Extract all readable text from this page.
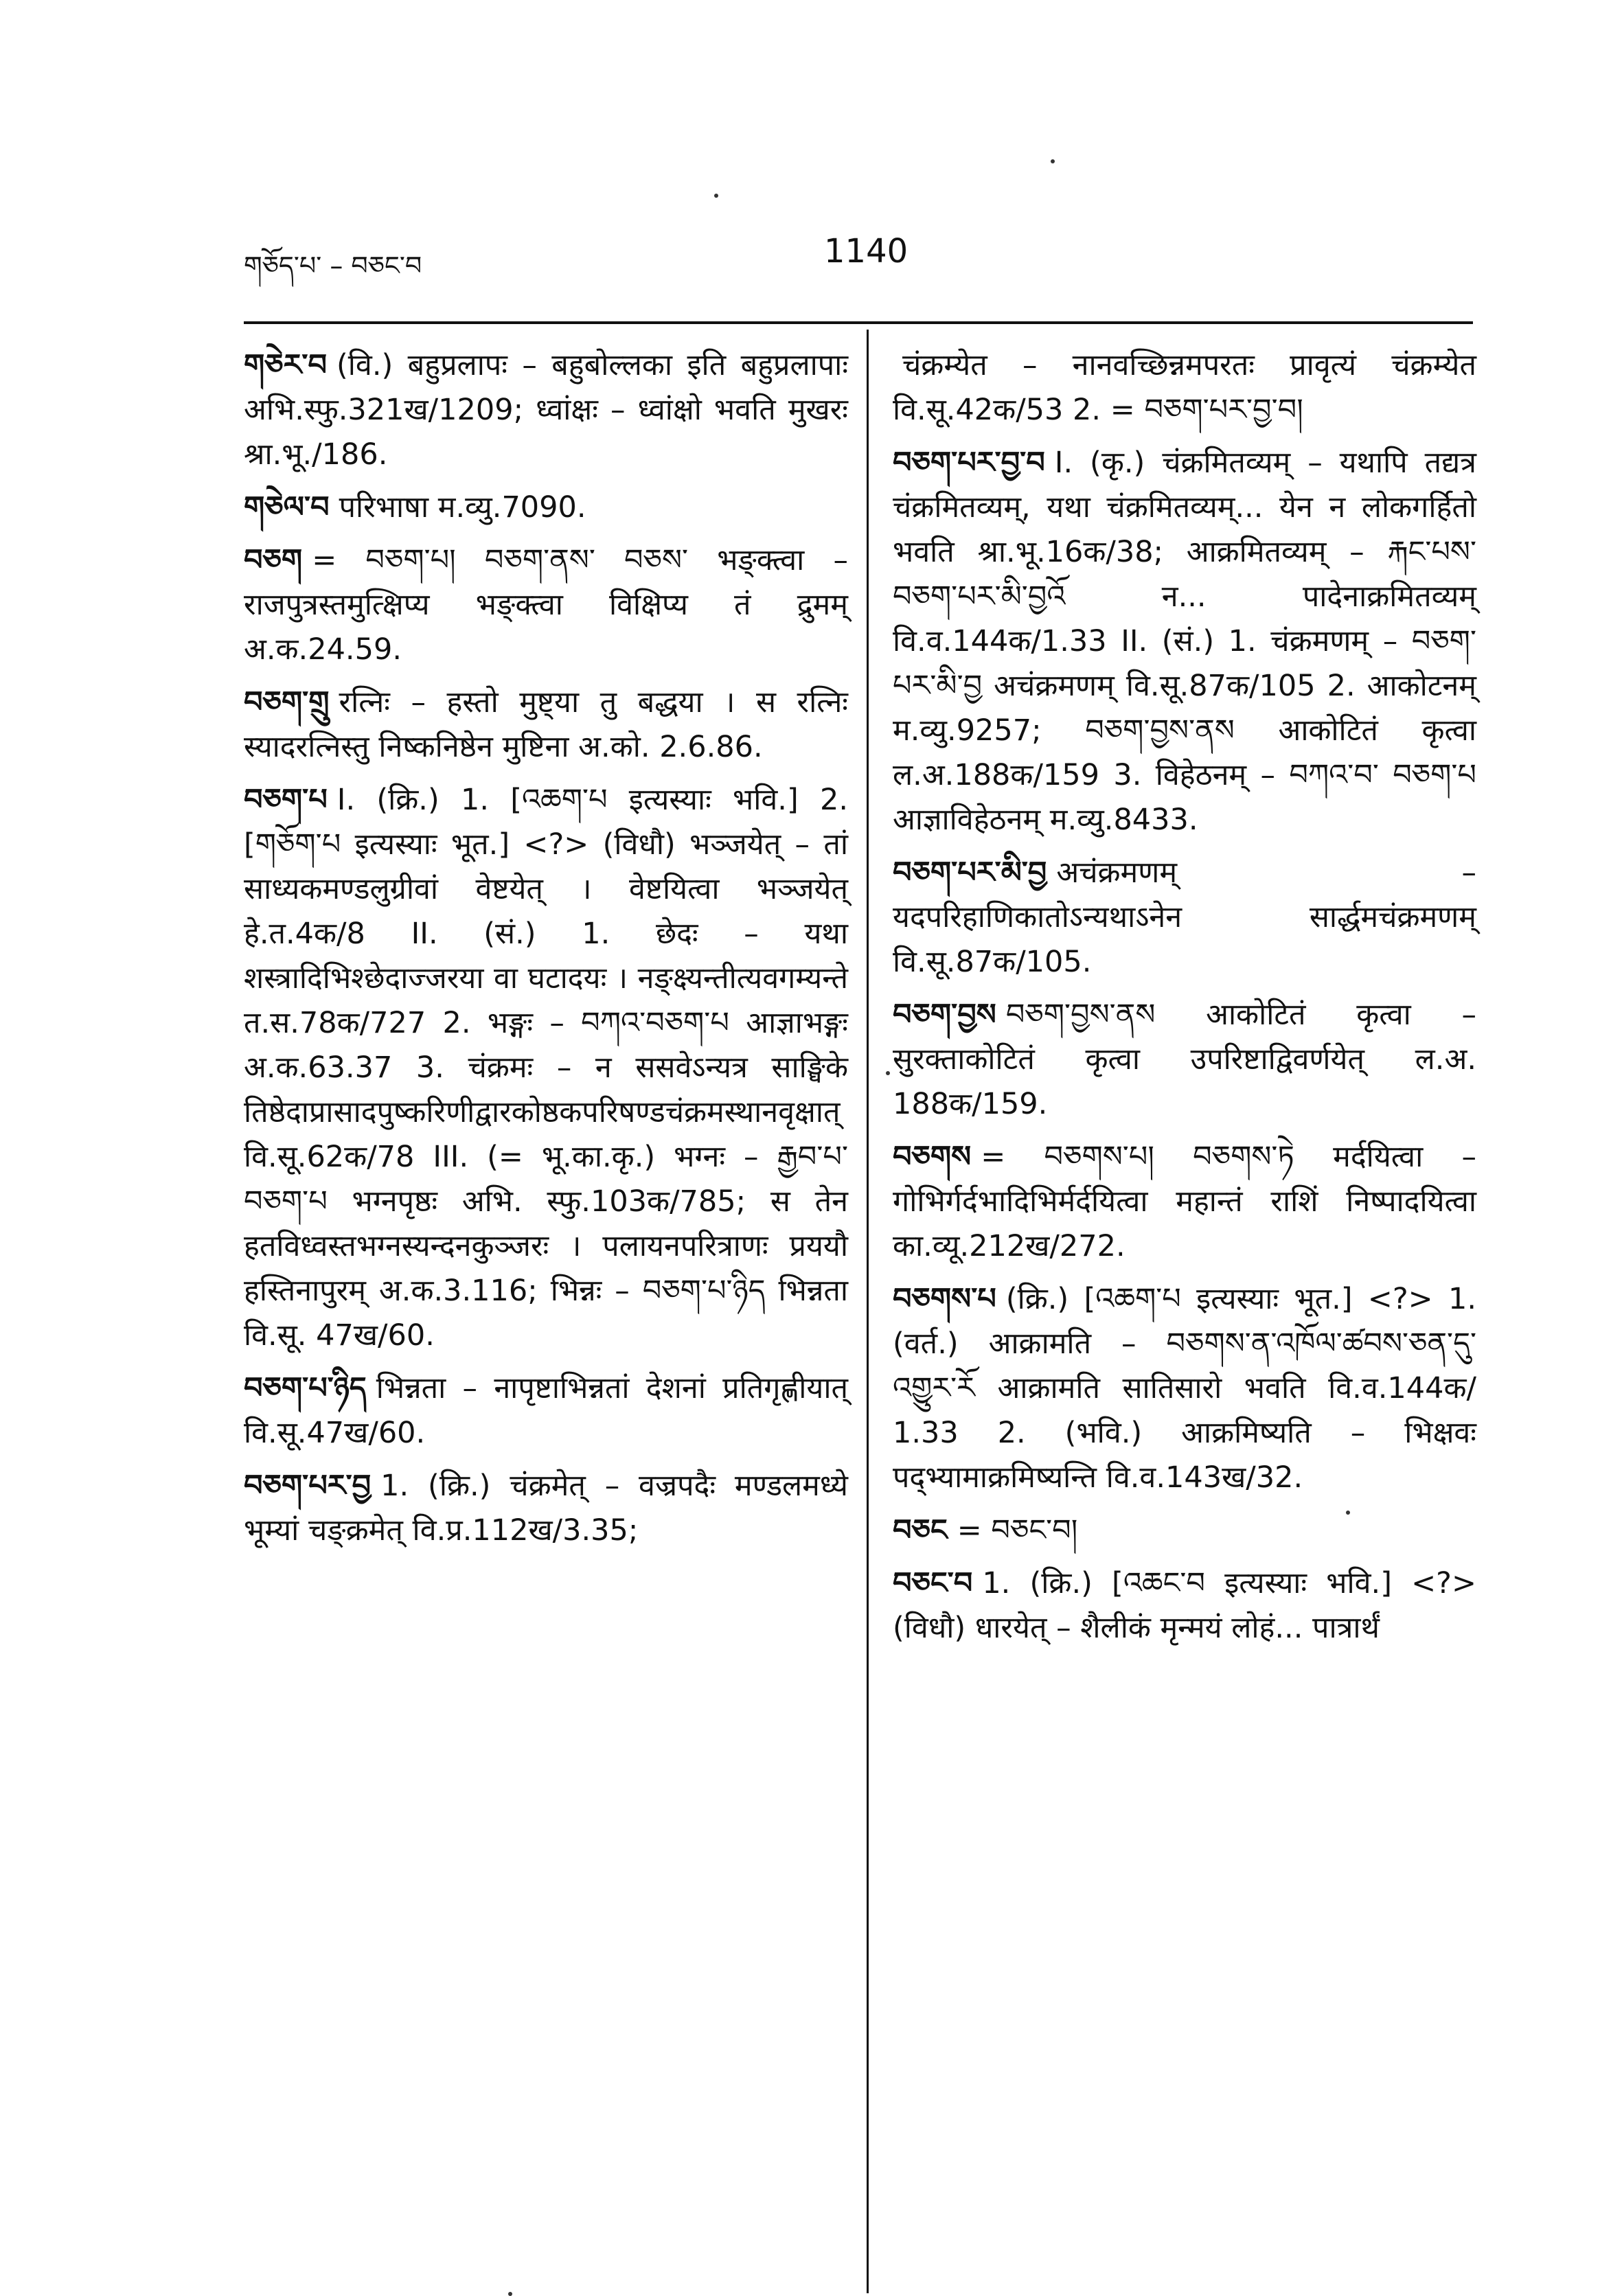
གཅོད་པ་ – བཅང་བ	1140
གཅེར་བ (वि.) बहुप्रलापः – बहुबोल्लका इति बहुप्रलापाः अभि.स्फु.321ख/1209; ध्वांक्षः – ध्वांक्षो भवति मुखरः श्रा.भू./186.
གཅེལ་བ परिभाषा म.व्यु.7090.
བཅག = བཅག་པ། བཅག་ནས་ བཅས་ भङ्क्त्वा – राजपुत्रस्तमुत्क्षिप्य भङ्क्त्वा विक्षिप्य तं द्रुमम् अ.क.24.59.
བཅག་གྲུ रत्निः – हस्तो मुष्ट्या तु बद्धया । स रत्निः स्यादरत्निस्तु निष्कनिष्ठेन मुष्टिना अ.को. 2.6.86.
བཅག་པ I. (क्रि.) 1. [འཆག་པ इत्यस्याः भवि.] 2. [གཅོག་པ इत्यस्याः भूत.] <?> (विधौ) भञ्जयेत् – तां साध्यकमण्डलुग्रीवां वेष्टयेत् । वेष्टयित्वा भञ्जयेत् हे.त.4क/8 II. (सं.) 1. छेदः – यथा शस्त्रादिभिश्छेदाज्जरया वा घटादयः । नङ्क्ष्यन्तीत्यवगम्यन्ते त.स.78क/727 2. भङ्गः – བཀའ་བཅག་པ आज्ञाभङ्गः अ.क.63.37 3. चंक्रमः – न ससवेऽन्यत्र साङ्घिके तिष्ठेदाप्रासादपुष्करिणीद्वारकोष्ठकपरिषण्डचंक्रमस्थानवृक्षात् वि.सू.62क/78 III. (= भू.का.कृ.) भग्नः – རྒྱབ་པ་བཅག་པ भग्नपृष्ठः अभि. स्फु.103क/785; स तेन हतविध्वस्तभग्नस्यन्दनकुञ्जरः । पलायनपरित्राणः प्रययौ हस्तिनापुरम् अ.क.3.116; भिन्नः – བཅག་པ་ཉིད भिन्नता वि.सू. 47ख/60.
བཅག་པ་ཉིད भिन्नता – नापृष्टाभिन्नतां देशनां प्रतिगृह्णीयात् वि.सू.47ख/60.
བཅག་པར་བྱ 1. (क्रि.) चंक्रमेत् – वज्रपदैः मण्डलमध्ये भूम्यां चङ्क्रमेत् वि.प्र.112ख/3.35;
चंक्रम्येत – नानवच्छिन्नमपरतः प्रावृत्यं चंक्रम्येत वि.सू.42क/53 2. = བཅག་པར་བྱ་བ།
བཅག་པར་བྱ་བ I. (कृ.) चंक्रमितव्यम् – यथापि तद्यत्र चंक्रमितव्यम्, यथा चंक्रमितव्यम्... येन न लोकगर्हितो भवति श्रा.भू.16क/38; आक्रमितव्यम् – རྐང་པས་བཅག་པར་མི་བྱའོ न... पादेनाक्रमितव्यम् वि.व.144क/1.33 II. (सं.) 1. चंक्रमणम् – བཅག་པར་མི་བྱ अचंक्रमणम् वि.सू.87क/105 2. आकोटनम् म.व्यु.9257; བཅག་བྱས་ནས आकोटितं कृत्वा ल.अ.188क/159 3. विहेठनम् – བཀའ་བ་ བཅག་པ आज्ञाविहेठनम् म.व्यु.8433.
བཅག་པར་མི་བྱ अचंक्रमणम् – यदपरिहाणिकातोऽन्यथाऽनेन सार्द्धमचंक्रमणम् वि.सू.87क/105.
བཅག་བྱས བཅག་བྱས་ནས आकोटितं कृत्वा – सुरक्ताकोटितं कृत्वा उपरिष्टाद्विवर्णयेत् ल.अ. 188क/159.
བཅགས = བཅགས་པ། བཅགས་ཏེ मर्दयित्वा – गोभिर्गर्दभादिभिर्मर्दयित्वा महान्तं राशिं निष्पादयित्वा का.व्यू.212ख/272.
བཅགས་པ (क्रि.) [འཆག་པ इत्यस्याः भूत.] <?> 1. (वर्त.) आक्रामति – བཅགས་ན་འཁོལ་ཚབས་ཅན་དུ་ འགྱུར་རོ आक्रामति सातिसारो भवति वि.व.144क/ 1.33 2. (भवि.) आक्रमिष्यति – भिक्षवः पद्भ्यामाक्रमिष्यन्ति वि.व.143ख/32.
བཅང = བཅང་བ།
བཅང་བ 1. (क्रि.) [འཆང་བ इत्यस्याः भवि.] <?> (विधौ) धारयेत् – शैलीकं मृन्मयं लोहं... पात्रार्थं
